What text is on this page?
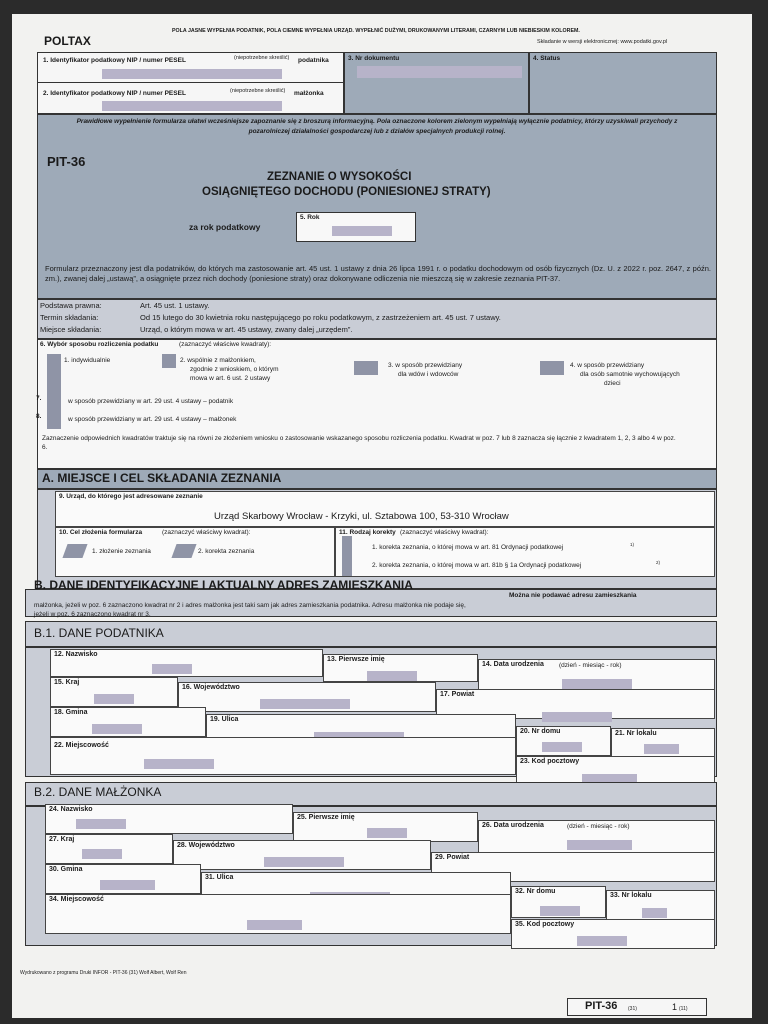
POLTAX
POLA JASNE WYPEŁNIA PODATNIK, POLA CIEMNE WYPEŁNIA URZĄD. WYPEŁNIĆ DUŻYMI, DRUKOWANYMI LITERAMI, CZARNYM LUB NIEBIESKIM KOLOREM.
Składanie w wersji elektronicznej: www.podatki.gov.pl
1. Identyfikator podatkowy NIP / numer PESEL	(niepotrzebne skreślić) podatnika
2. Identyfikator podatkowy NIP / numer PESEL	(niepotrzebne skreślić) małżonka
3. Nr dokumentu	4. Status
Prawidłowe wypełnienie formularza ułatwi wcześniejsze zapoznanie się z broszurą informacyjną. Pola oznaczone kolorem zielonym wypełniają wyłącznie podatnicy, którzy uzyskiwali przychody z pozarolniczej działalności gospodarczej lub z działów specjalnych produkcji rolnej.
PIT-36
ZEZNANIE O WYSOKOŚCI
OSIĄGNIĘTEGO DOCHODU (PONIESIONEJ STRATY)
za rok podatkowy
5. Rok
Formularz przeznaczony jest dla podatników, do których ma zastosowanie art. 45 ust. 1 ustawy z dnia 26 lipca 1991 r. o podatku dochodowym od osób fizycznych (Dz. U. z 2022 r. poz. 2647, z późn. zm.), zwanej dalej „ustawą”, a osiągnięte przez nich dochody (poniesione straty) oraz dokonywane odliczenia nie mieszczą się w zakresie zeznania PIT-37.
Podstawa prawna:	Art. 45 ust. 1 ustawy.
Termin składania:	Od 15 lutego do 30 kwietnia roku następującego po roku podatkowym, z zastrzeżeniem art. 45 ust. 7 ustawy.
Miejsce składania:	Urząd, o którym mowa w art. 45 ustawy, zwany dalej „urzędem”.
6. Wybór sposobu rozliczenia podatku	(zaznaczyć właściwe kwadraty):
1. indywidualnie	2. wspólnie z małżonkiem,
zgodnie z wnioskiem, o którym
mowa w art. 6 ust. 2 ustawy
3. w sposób przewidziany
dla wdów i wdowców
4. w sposób przewidziany
dla osób samotnie wychowujących
dzieci
7.	w sposób przewidziany w art. 29 ust. 4 ustawy – podatnik
8.	w sposób przewidziany w art. 29 ust. 4 ustawy – małżonek
Zaznaczenie odpowiednich kwadratów traktuje się na równi ze złożeniem wniosku o zastosowanie wskazanego sposobu rozliczenia podatku. Kwadrat w poz. 7 lub 8 zaznacza się łącznie z kwadratem 1, 2, 3 albo 4 w poz. 6.
A. MIEJSCE I CEL SKŁADANIA ZEZNANIA
9. Urząd, do którego jest adresowane zeznanie
Urząd Skarbowy Wrocław - Krzyki, ul. Sztabowa 100, 53-310 Wrocław
10. Cel złożenia formularza	(zaznaczyć właściwy kwadrat):
1. złożenie zeznania	2. korekta zeznania
11. Rodzaj korekty (zaznaczyć właściwy kwadrat):
1. korekta zeznania, o której mowa w art. 81 Ordynacji podatkowej	1)
2. korekta zeznania, o której mowa w art. 81b § 1a Ordynacji podatkowej	2)
B. DANE IDENTYFIKACYJNE I AKTUALNY ADRES ZAMIESZKANIA
Można nie podawać adresu zamieszkania
małżonka, jeżeli w poz. 6 zaznaczono kwadrat nr 2 i adres małżonka jest taki sam jak adres zamieszkania podatnika. Adresu małżonka nie podaje się,
jeżeli w poz. 6 zaznaczono kwadrat nr 3.
B.1. DANE PODATNIKA
12. Nazwisko
13. Pierwsze imię
14. Data urodzenia (dzień - miesiąc - rok)
15. Kraj
16. Województwo
17. Powiat
18. Gmina
19. Ulica
20. Nr domu	21. Nr lokalu
22. Miejscowość
23. Kod pocztowy
B.2. DANE MAŁŻONKA
24. Nazwisko
25. Pierwsze imię
26. Data urodzenia	(dzień - miesiąc - rok)
27. Kraj
28. Województwo
29. Powiat
30. Gmina
31. Ulica
32. Nr domu
33. Nr lokalu
34. Miejscowość
35. Kod pocztowy
Wydrukowano z programu Druki INFOR - PIT-36 (31) Wolf Albert, Wolf Ren
PIT-36 (31)	1 (11)
